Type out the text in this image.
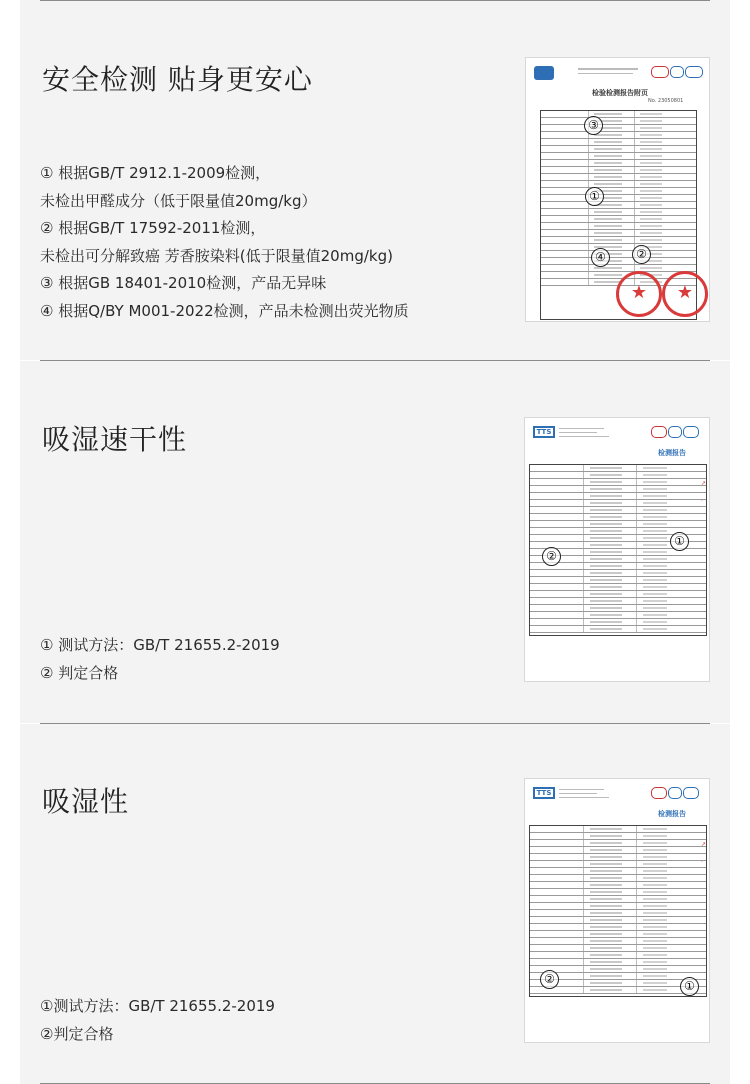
安全检测 贴身更安心
① 根据GB/T 2912.1-2009检测，
未检出甲醛成分（低于限量值20mg/kg）
② 根据GB/T 17592-2011检测，
未检出可分解致癌 芳香胺染料(低于限量值20mg/kg)
③ 根据GB 18401-2010检测，产品无异味
④ 根据Q/BY M001-2022检测，产品未检测出荧光物质
检验检测报告附页
No. 23050801
③
①
④	②
★	★
吸湿速干性
① 测试方法：GB/T 21655.2-2019
② 判定合格
TTS
检测报告
↗
·
①
②
吸湿性
①测试方法：GB/T 21655.2-2019
②判定合格
TTS
检测报告
↗
·
②	①
